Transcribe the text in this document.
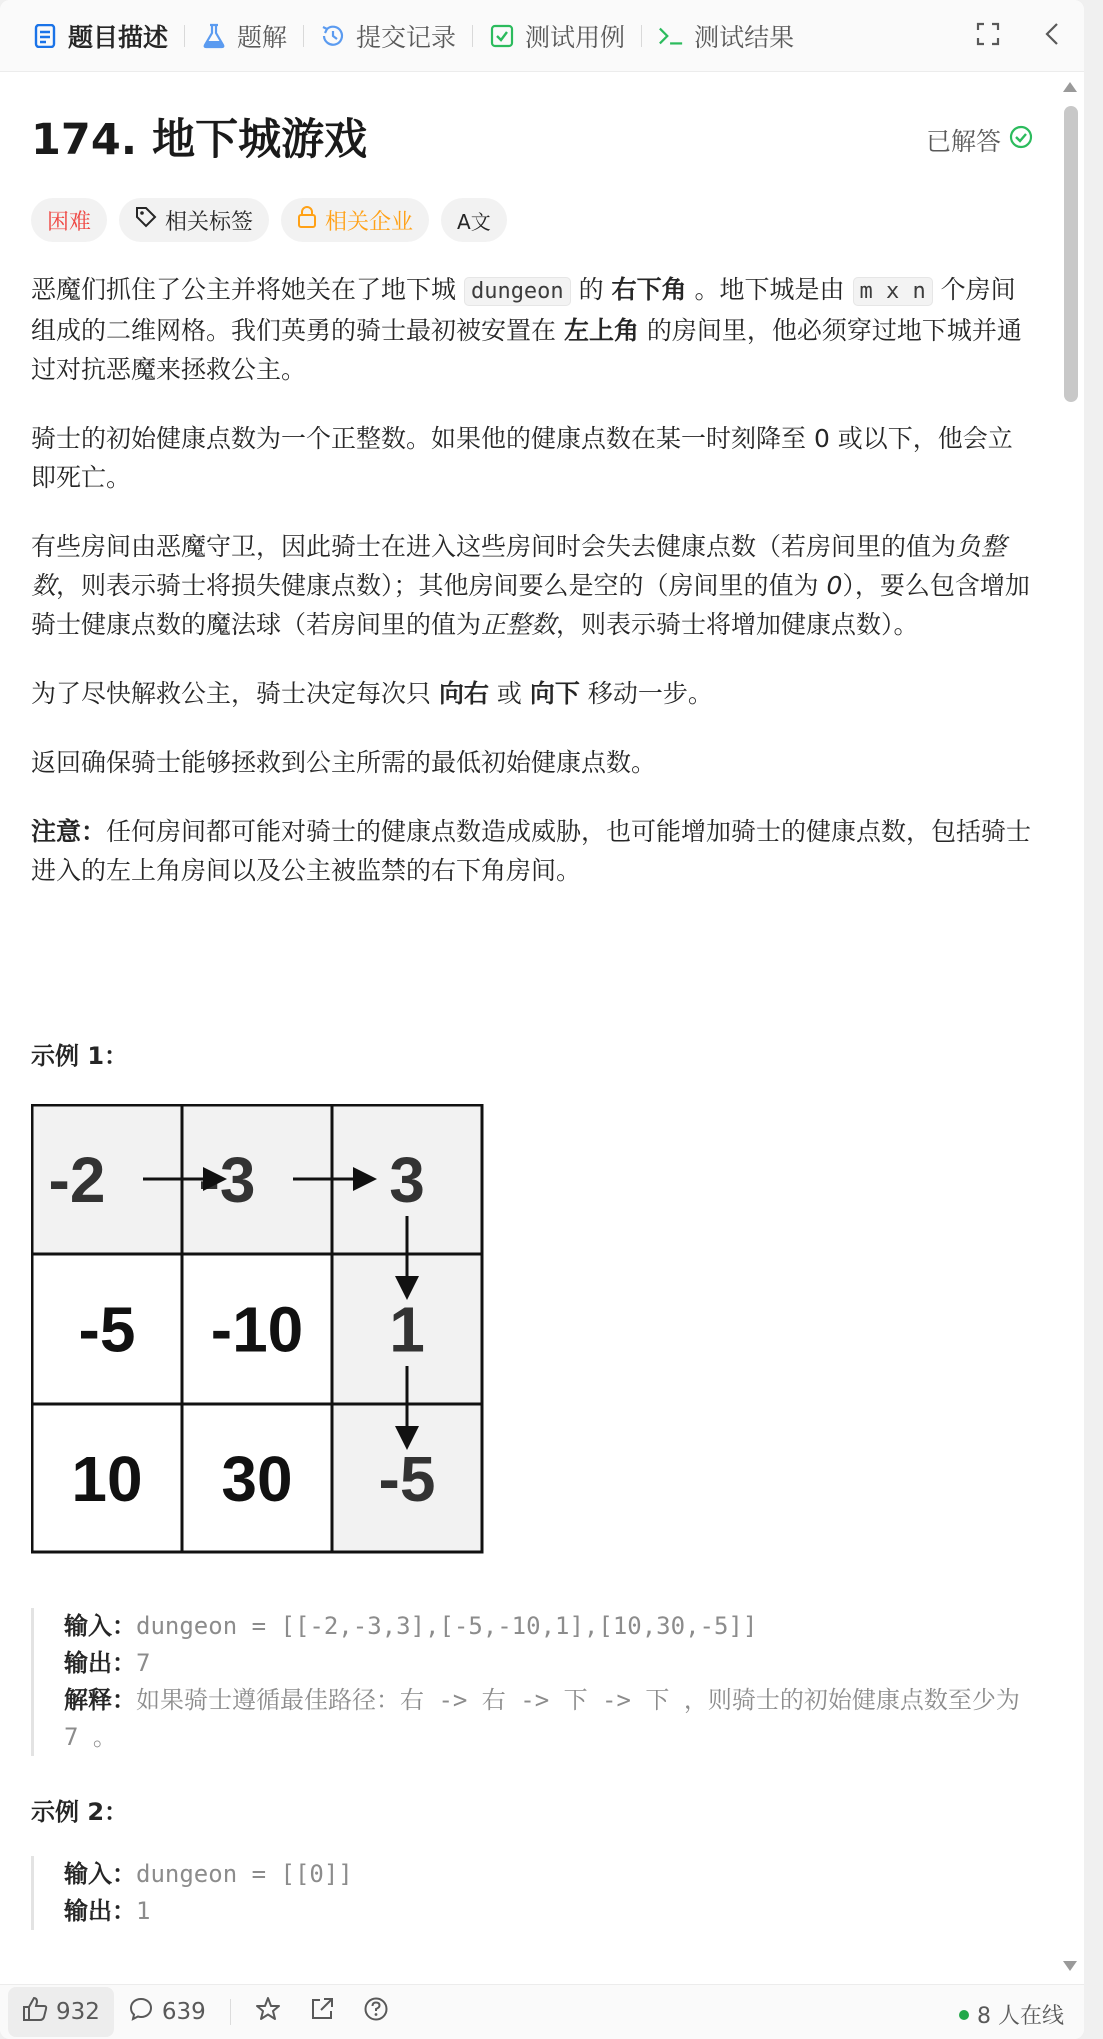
题目描述	题解	提交记录	测试用例	测试结果
174. 地下城游戏	已解答
困难	相关标签	相关企业 A文

恶魔们抓住了公主并将她关在了地下城 dungeon 的 右下角 。地下城是由 m x n 个房间组成的二维网格。我们英勇的骑士最初被安置在 左上角 的房间里，他必须穿过地下城并通过对抗恶魔来拯救公主。

骑士的初始健康点数为一个正整数。如果他的健康点数在某一时刻降至 0 或以下，他会立即死亡。

有些房间由恶魔守卫，因此骑士在进入这些房间时会失去健康点数（若房间里的值为负整数，则表示骑士将损失健康点数）；其他房间要么是空的（房间里的值为 0），要么包含增加骑士健康点数的魔法球（若房间里的值为正整数，则表示骑士将增加健康点数）。

为了尽快解救公主，骑士决定每次只 向右 或 向下 移动一步。

返回确保骑士能够拯救到公主所需的最低初始健康点数。

注意：任何房间都可能对骑士的健康点数造成威胁，也可能增加骑士的健康点数，包括骑士进入的左上角房间以及公主被监禁的右下角房间。

示例 1：
-2 -3 3
-5 -10 1
10 30 -5
输入：dungeon = [[-2,-3,3],[-5,-10,1],[10,30,-5]]
输出：7
解释：如果骑士遵循最佳路径：右 -> 右 -> 下 -> 下 ，则骑士的初始健康点数至少为 7 。
示例 2：
输入：dungeon = [[0]]
输出：1
932	639	8 人在线
